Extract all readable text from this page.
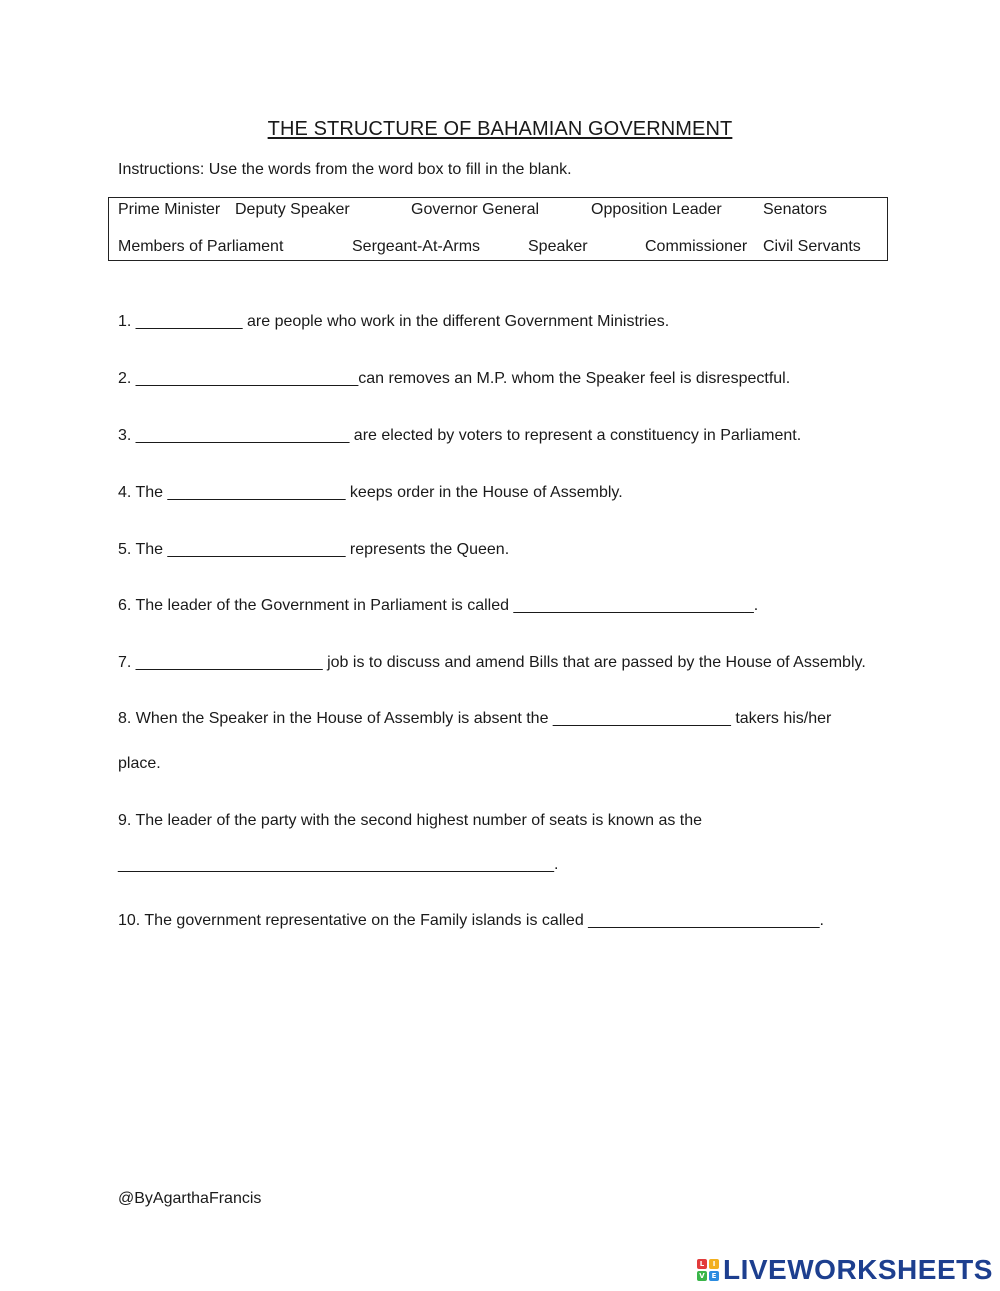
THE STRUCTURE OF BAHAMIAN GOVERNMENT
Instructions: Use the words from the word box to fill in the blank.
Prime Minister Deputy Speaker	Governor General	Opposition Leader	Senators
Members of Parliament	Sergeant-At-Arms	Speaker	Commissioner Civil Servants
1. ____________ are people who work in the different Government Ministries.
2. _________________________can removes an M.P. whom the Speaker feel is disrespectful.
3. ________________________ are elected by voters to represent a constituency in Parliament.
4. The ____________________ keeps order in the House of Assembly.
5. The ____________________ represents the Queen.
6. The leader of the Government in Parliament is called ___________________________.
7. _____________________ job is to discuss and amend Bills that are passed by the House of Assembly.
8. When the Speaker in the House of Assembly is absent the ____________________ takers his/her
place.
9. The leader of the party with the second highest number of seats is known as the
_________________________________________________.
10. The government representative on the Family islands is called __________________________.
@ByAgarthaFrancis
L	I
V E LIVEWORKSHEETS
